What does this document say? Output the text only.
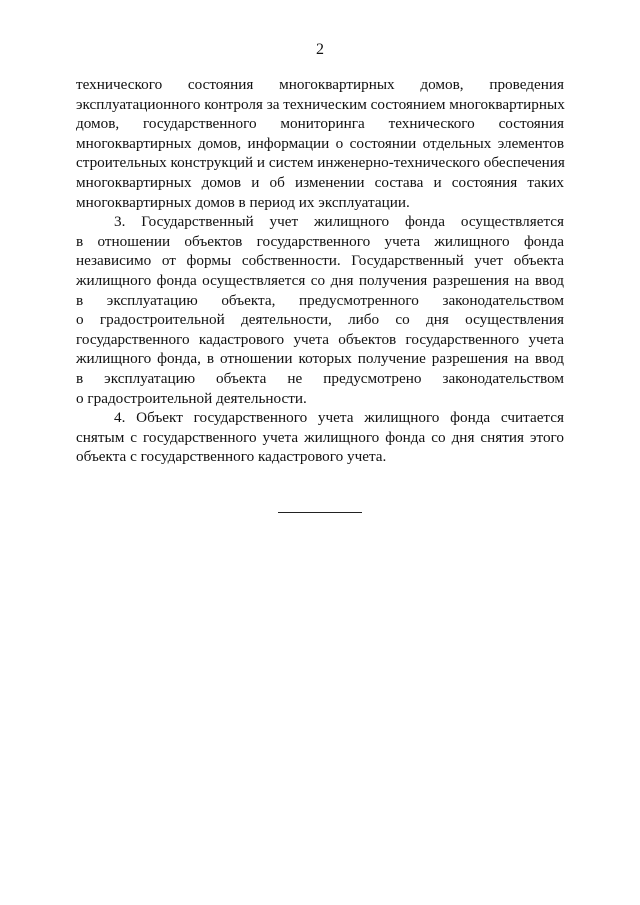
2

технического состояния многоквартирных домов, проведения
эксплуатационного контроля за техническим состоянием многоквартирных
домов, государственного мониторинга технического состояния
многоквартирных домов, информации о состоянии отдельных элементов
строительных конструкций и систем инженерно-технического обеспечения
многоквартирных домов и об изменении состава и состояния таких
многоквартирных домов в период их эксплуатации.

3. Государственный учет жилищного фонда осуществляется
в отношении объектов государственного учета жилищного фонда
независимо от формы собственности. Государственный учет объекта
жилищного фонда осуществляется со дня получения разрешения на ввод
в эксплуатацию объекта, предусмотренного законодательством
о градостроительной деятельности, либо со дня осуществления
государственного кадастрового учета объектов государственного учета
жилищного фонда, в отношении которых получение разрешения на ввод
в эксплуатацию объекта не предусмотрено законодательством
о градостроительной деятельности.

4. Объект государственного учета жилищного фонда считается
снятым с государственного учета жилищного фонда со дня снятия этого
объекта с государственного кадастрового учета.
